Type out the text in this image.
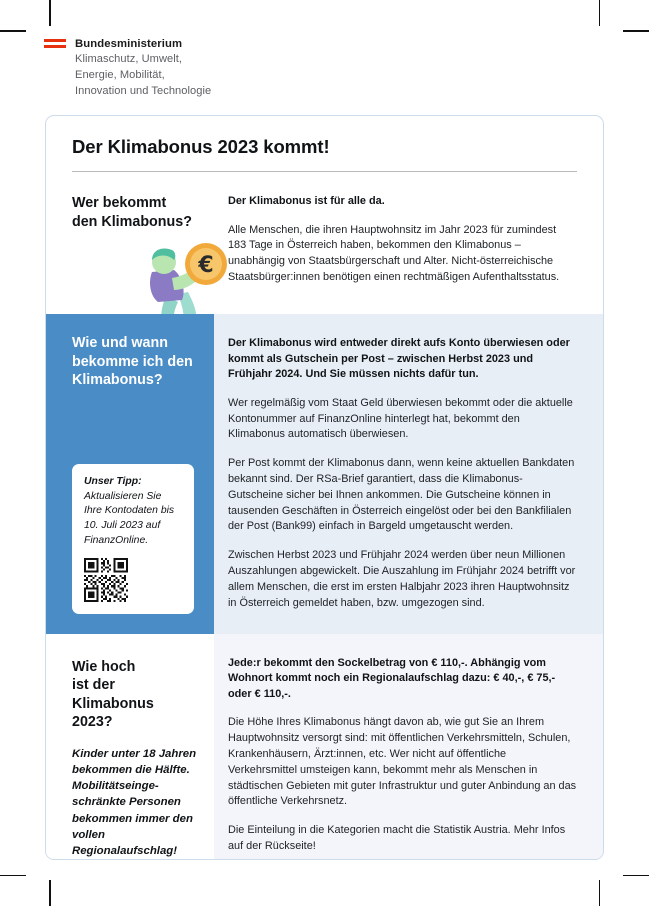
Bundesministerium
Klimaschutz, Umwelt,
Energie, Mobilität,
Innovation und Technologie
Der Klimabonus 2023 kommt!
Wer bekommt
den Klimabonus?
€
Der Klimabonus ist für alle da.
Alle Menschen, die ihren Hauptwohnsitz im Jahr 2023 für zumindest 183 Tage in Österreich haben, bekommen den Klimabonus – unabhängig von Staatsbürgerschaft und Alter. Nicht-österreichische Staatsbürger:innen benötigen einen rechtmäßigen Aufenthaltsstatus.
Wie und wann
bekomme ich den
Klimabonus?
Unser Tipp:
Aktualisieren Sie Ihre Kontodaten bis 10. Juli 2023 auf FinanzOnline.
Der Klimabonus wird entweder direkt aufs Konto überwiesen oder kommt als Gutschein per Post – zwischen Herbst 2023 und Frühjahr 2024. Und Sie müssen nichts dafür tun.
Wer regelmäßig vom Staat Geld überwiesen bekommt oder die aktuelle Kontonummer auf FinanzOnline hinterlegt hat, bekommt den Klimabonus automatisch überwiesen.
Per Post kommt der Klimabonus dann, wenn keine aktuellen Bankdaten bekannt sind. Der RSa-Brief garantiert, dass die Klimabonus-Gutscheine sicher bei Ihnen ankommen. Die Gutscheine können in tausenden Geschäften in Österreich eingelöst oder bei den Bankfilialen der Post (Bank99) einfach in Bargeld umgetauscht werden.
Zwischen Herbst 2023 und Frühjahr 2024 werden über neun Millionen Auszahlungen abgewickelt. Die Auszahlung im Frühjahr 2024 betrifft vor allem Menschen, die erst im ersten Halbjahr 2023 ihren Hauptwohnsitz in Österreich gemeldet haben, bzw. umgezogen sind.
Wie hoch
ist der
Klimabonus
2023?
Kinder unter 18 Jahren bekommen die Hälfte. Mobilitätseinge-schränkte Personen bekommen immer den vollen Regionalaufschlag!
Jede:r bekommt den Sockelbetrag von € 110,-. Abhängig vom Wohnort kommt noch ein Regionalaufschlag dazu: € 40,-, € 75,- oder € 110,-.
Die Höhe Ihres Klimabonus hängt davon ab, wie gut Sie an Ihrem Hauptwohnsitz versorgt sind: mit öffentlichen Verkehrsmitteln, Schulen, Krankenhäusern, Ärzt:innen, etc. Wer nicht auf öffentliche Verkehrsmittel umsteigen kann, bekommt mehr als Menschen in städtischen Gebieten mit guter Infrastruktur und guter Anbindung an das öffentliche Verkehrsnetz.
Die Einteilung in die Kategorien macht die Statistik Austria. Mehr Infos auf der Rückseite!
